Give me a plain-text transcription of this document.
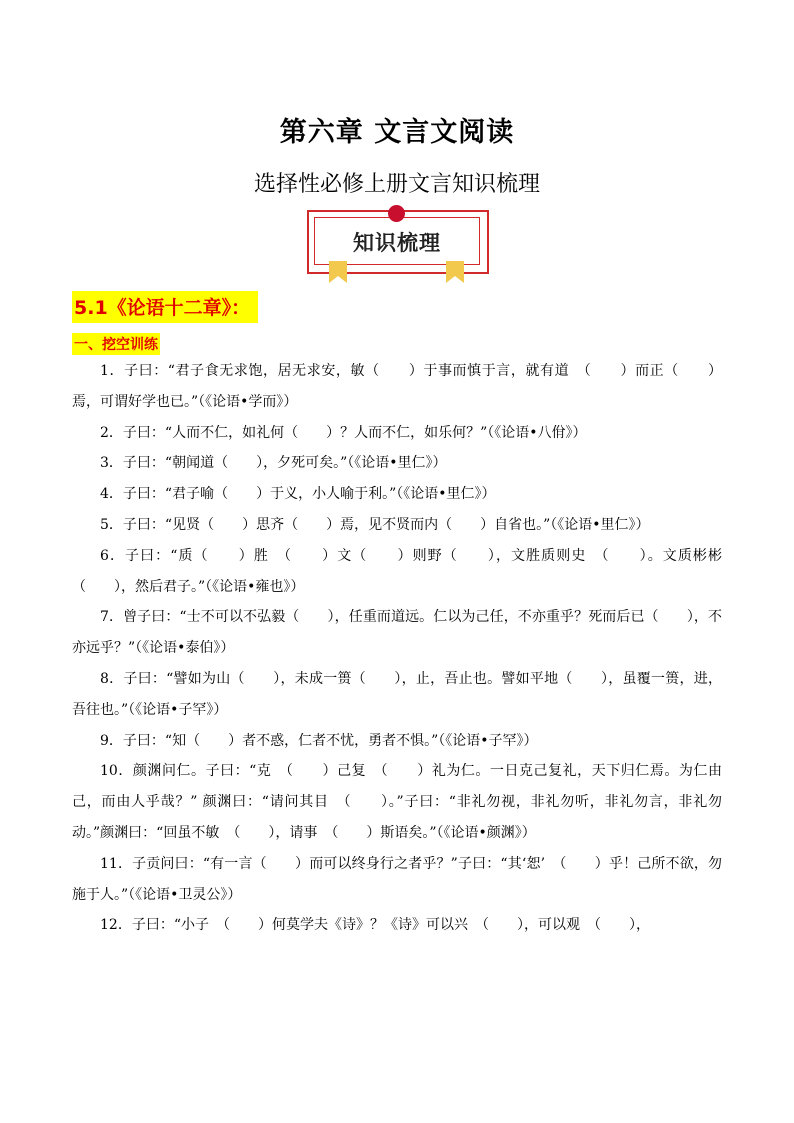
第六章 文言文阅读
选择性必修上册文言知识梳理
知识梳理
5.1《论语十二章》：
一、挖空训练

1．子曰：“君子食无求饱，居无求安，敏（　　）于事而慎于言，就有道　（　　）而正（　　）焉，可谓好学也已。”（《论语•学而》）

2．子曰：“人而不仁，如礼何（　　）？人而不仁，如乐何？”（《论语•八佾》）

3．子曰：“朝闻道（　　），夕死可矣。”（《论语•里仁》）

4．子曰：“君子喻（　　）于义，小人喻于利。”（《论语•里仁》）

5．子曰：“见贤（　　）思齐（　　）焉，见不贤而内（　　）自省也。”（《论语•里仁》）

6．子曰：“质（　　）胜　（　　）文（　　）则野（　　），文胜质则史　（　　）。文质彬彬（　　），然后君子。”（《论语•雍也》）

7．曾子曰：“士不可以不弘毅（　　），任重而道远。仁以为己任，不亦重乎？死而后已（　　），不亦远乎？”（《论语•泰伯》）

8．子曰：“譬如为山（　　），未成一篑（　　），止，吾止也。譬如平地（　　），虽覆一篑，进，吾往也。”（《论语•子罕》）

9．子曰：“知（　　）者不惑，仁者不忧，勇者不惧。”（《论语•子罕》）

10．颜渊问仁。子曰：“克　（　　）己复　（　　）礼为仁。一日克己复礼，天下归仁焉。为仁由己，而由人乎哉？” 颜渊曰：“请问其目　（　　）。”子曰：“非礼勿视，非礼勿听，非礼勿言，非礼勿动。”颜渊曰：“回虽不敏　（　　），请事　（　　）斯语矣。”（《论语•颜渊》）

11．子贡问曰：“有一言（　　）而可以终身行之者乎？”子曰：“其‘恕’　（　　）乎！己所不欲，勿施于人。”（《论语•卫灵公》）

12．子曰：“小子　（　　）何莫学夫《诗》？《诗》可以兴　（　　），可以观　（　　），
